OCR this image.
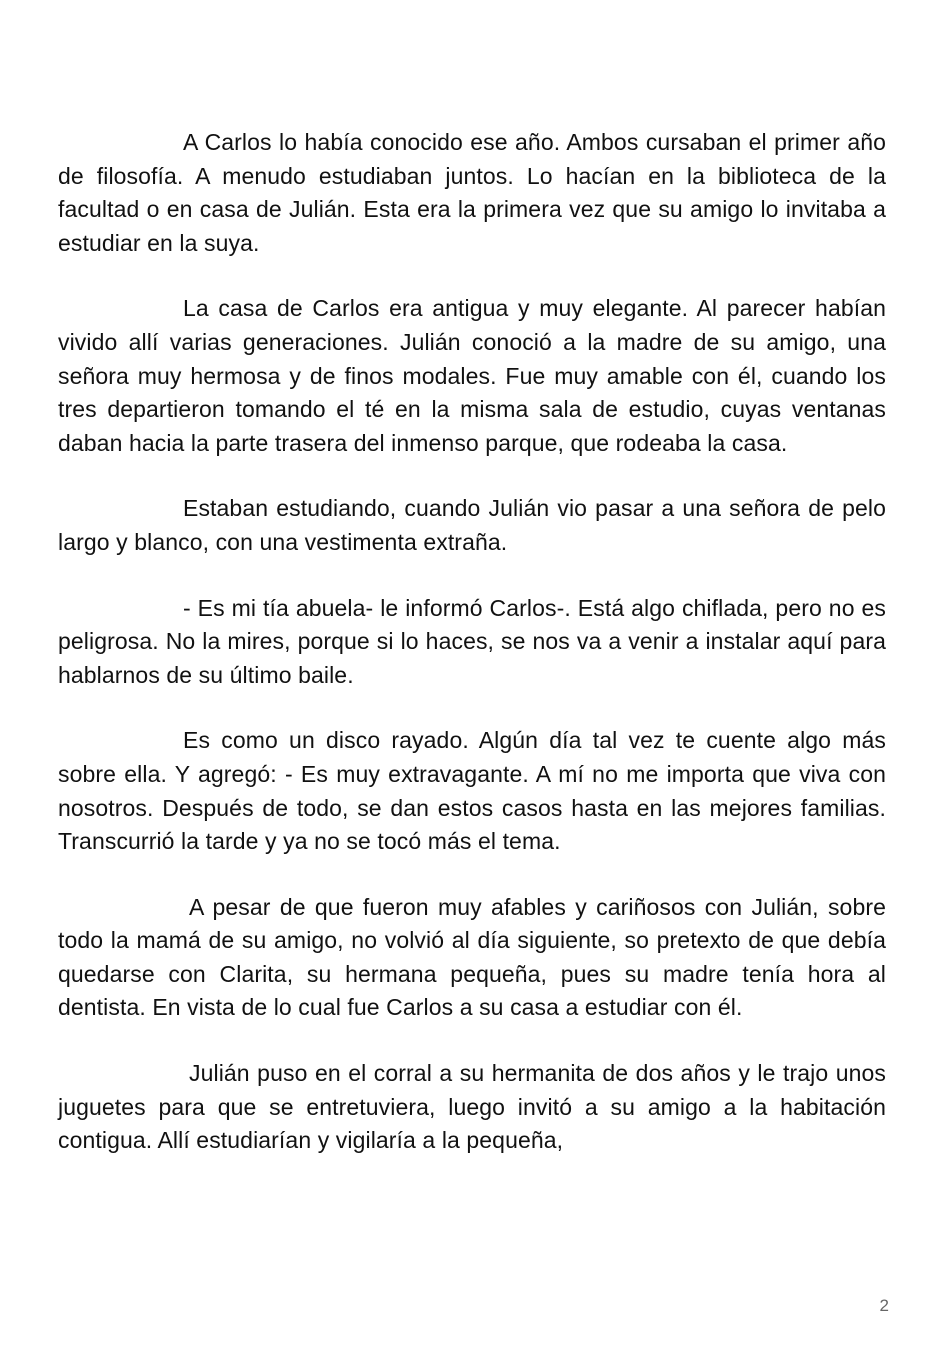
A Carlos lo había conocido ese año. Ambos cursaban el primer año de filosofía. A menudo estudiaban juntos. Lo hacían en la biblioteca de la facultad o en casa de Julián. Esta era la primera vez que su amigo lo invitaba a estudiar en la suya.

La casa de Carlos era antigua y muy elegante. Al parecer habían vivido allí varias generaciones. Julián conoció a la madre de su amigo, una señora muy hermosa y de finos modales. Fue muy amable con él, cuando los tres departieron tomando el té en la misma sala de estudio, cuyas ventanas daban hacia la parte trasera del inmenso parque, que rodeaba la casa.

Estaban estudiando, cuando Julián vio pasar a una señora de pelo largo y blanco, con una vestimenta extraña.

- Es mi tía abuela- le informó Carlos-. Está algo chiflada, pero no es peligrosa. No la mires, porque si lo haces, se nos va a venir a instalar aquí para hablarnos de su último baile.

Es como un disco rayado. Algún día tal vez te cuente algo más sobre ella. Y agregó: - Es muy extravagante. A mí no me importa que viva con nosotros. Después de todo, se dan estos casos hasta en las mejores familias. Transcurrió la tarde y ya no se tocó más el tema.

A pesar de que fueron muy afables y cariñosos con Julián, sobre todo la mamá de su amigo, no volvió al día siguiente, so pretexto de que debía quedarse con Clarita, su hermana pequeña, pues su madre tenía hora al dentista. En vista de lo cual fue Carlos a su casa a estudiar con él.

Julián puso en el corral a su hermanita de dos años y le trajo unos juguetes para que se entretuviera, luego invitó a su amigo a la habitación contigua. Allí estudiarían y vigilaría a la pequeña,

2
